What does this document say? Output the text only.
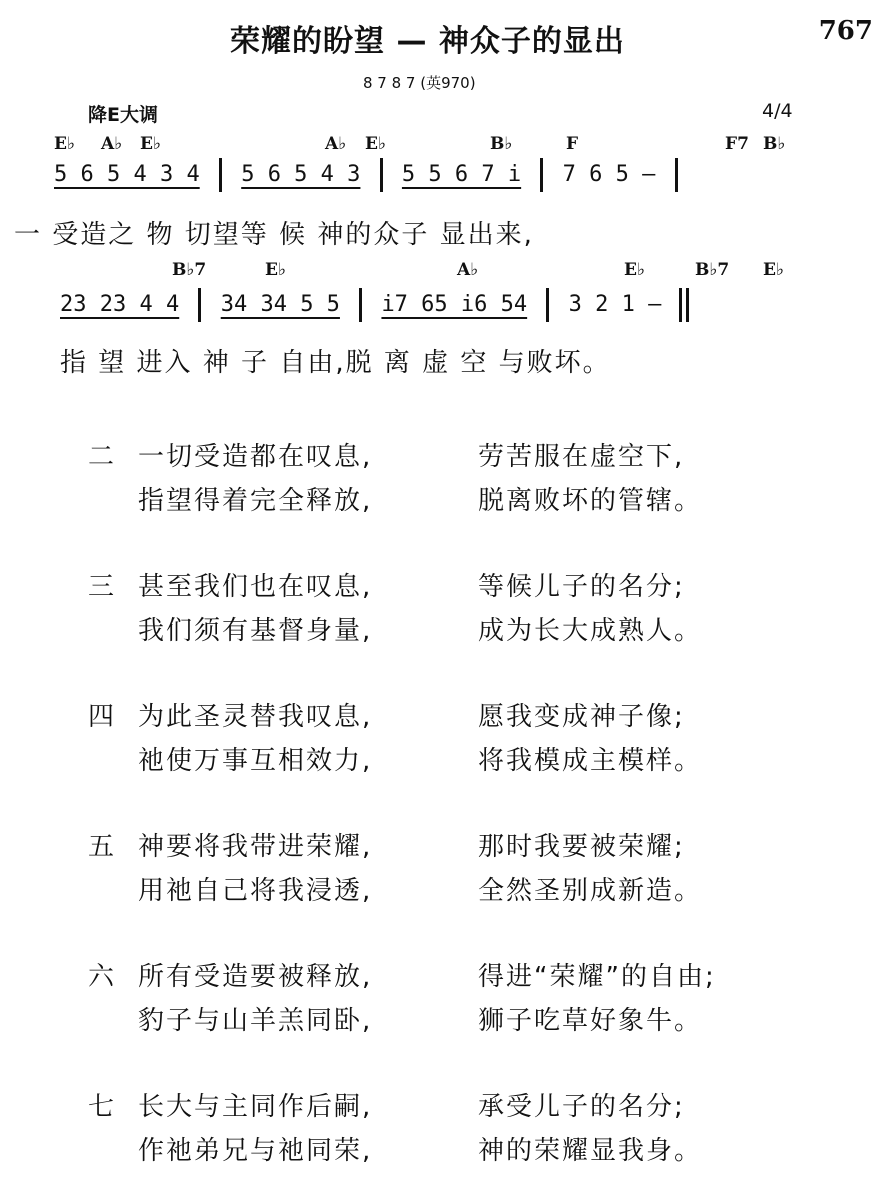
荣耀的盼望 — 神众子的显出	767
8 7 8 7 (英970)
降E大调	4/4
E♭ A♭ E♭	A♭ E♭	B♭	F	F7 B♭
5 6 5 4 3 4 5 6 5 4 3 5 5 6 7 i 7 6 5 —
一 受造之 物 切望等 候 神的众子 显出来,
B♭7	E♭	A♭	E♭	B♭7 E♭
23 23 4 4 34 34 5 5 i7 65 i6 54 3 2 1 —
指 望 进入 神 子 自由,脱 离 虚 空 与败坏。
二 一切受造都在叹息,	劳苦服在虚空下,
指望得着完全释放,	脱离败坏的管辖。
三 甚至我们也在叹息,	等候儿子的名分;
我们须有基督身量,	成为长大成熟人。
四 为此圣灵替我叹息,	愿我变成神子像;
祂使万事互相效力,	将我模成主模样。
五 神要将我带进荣耀,	那时我要被荣耀;
用祂自己将我浸透,	全然圣别成新造。
六 所有受造要被释放,	得进“荣耀”的自由;
豹子与山羊羔同卧,	狮子吃草好象牛。
七 长大与主同作后嗣,	承受儿子的名分;
作祂弟兄与祂同荣,	神的荣耀显我身。
